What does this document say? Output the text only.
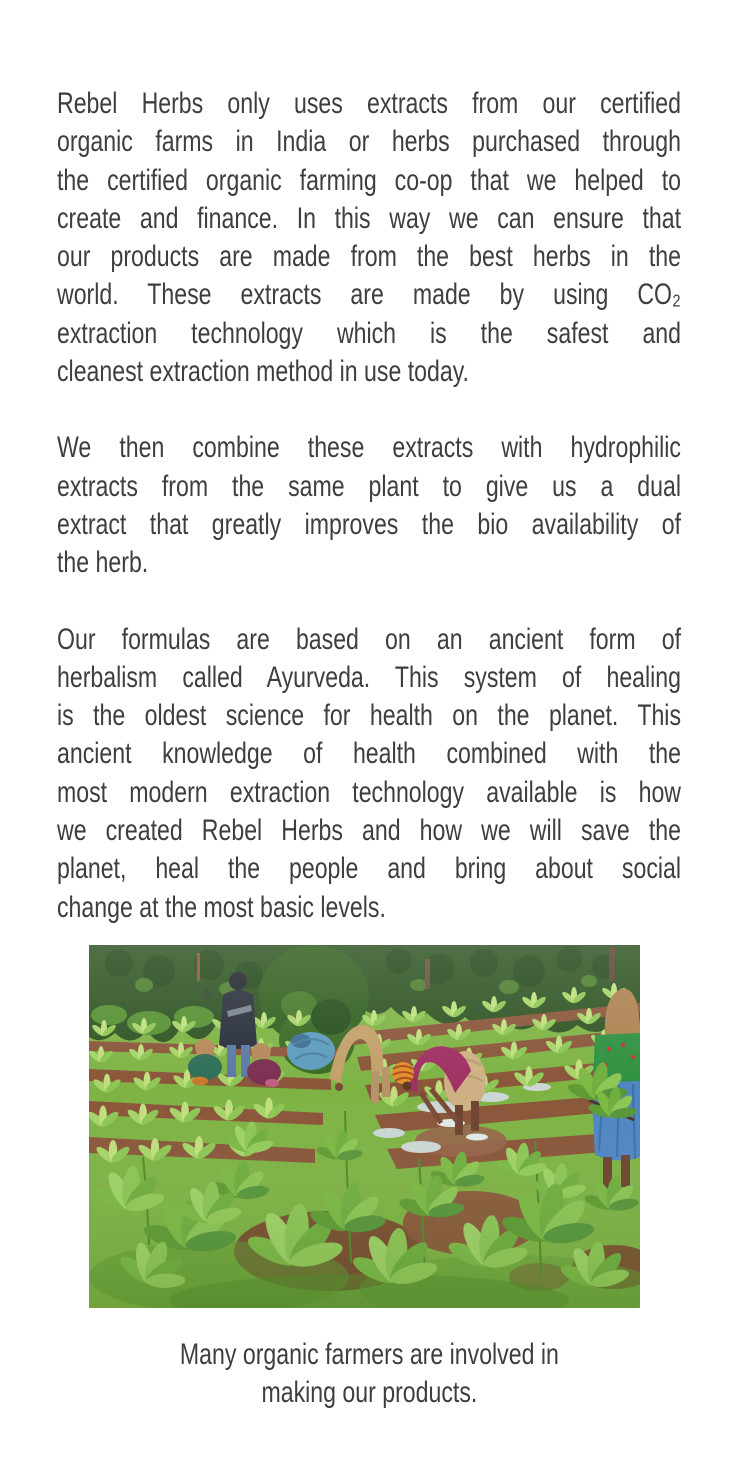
Rebel Herbs only uses extracts from our certified
organic farms in India or herbs purchased through
the certified organic farming co-op that we helped to
create and finance. In this way we can ensure that
our products are made from the best herbs in the
world. These extracts are made by using CO₂
extraction technology which is the safest and
cleanest extraction method in use today.
We then combine these extracts with hydrophilic
extracts from the same plant to give us a dual
extract that greatly improves the bio availability of
the herb.
Our formulas are based on an ancient form of
herbalism called Ayurveda. This system of healing
is the oldest science for health on the planet. This
ancient knowledge of health combined with the
most modern extraction technology available is how
we created Rebel Herbs and how we will save the
planet, heal the people and bring about social
change at the most basic levels.
Many organic farmers are involved in
making our products.
